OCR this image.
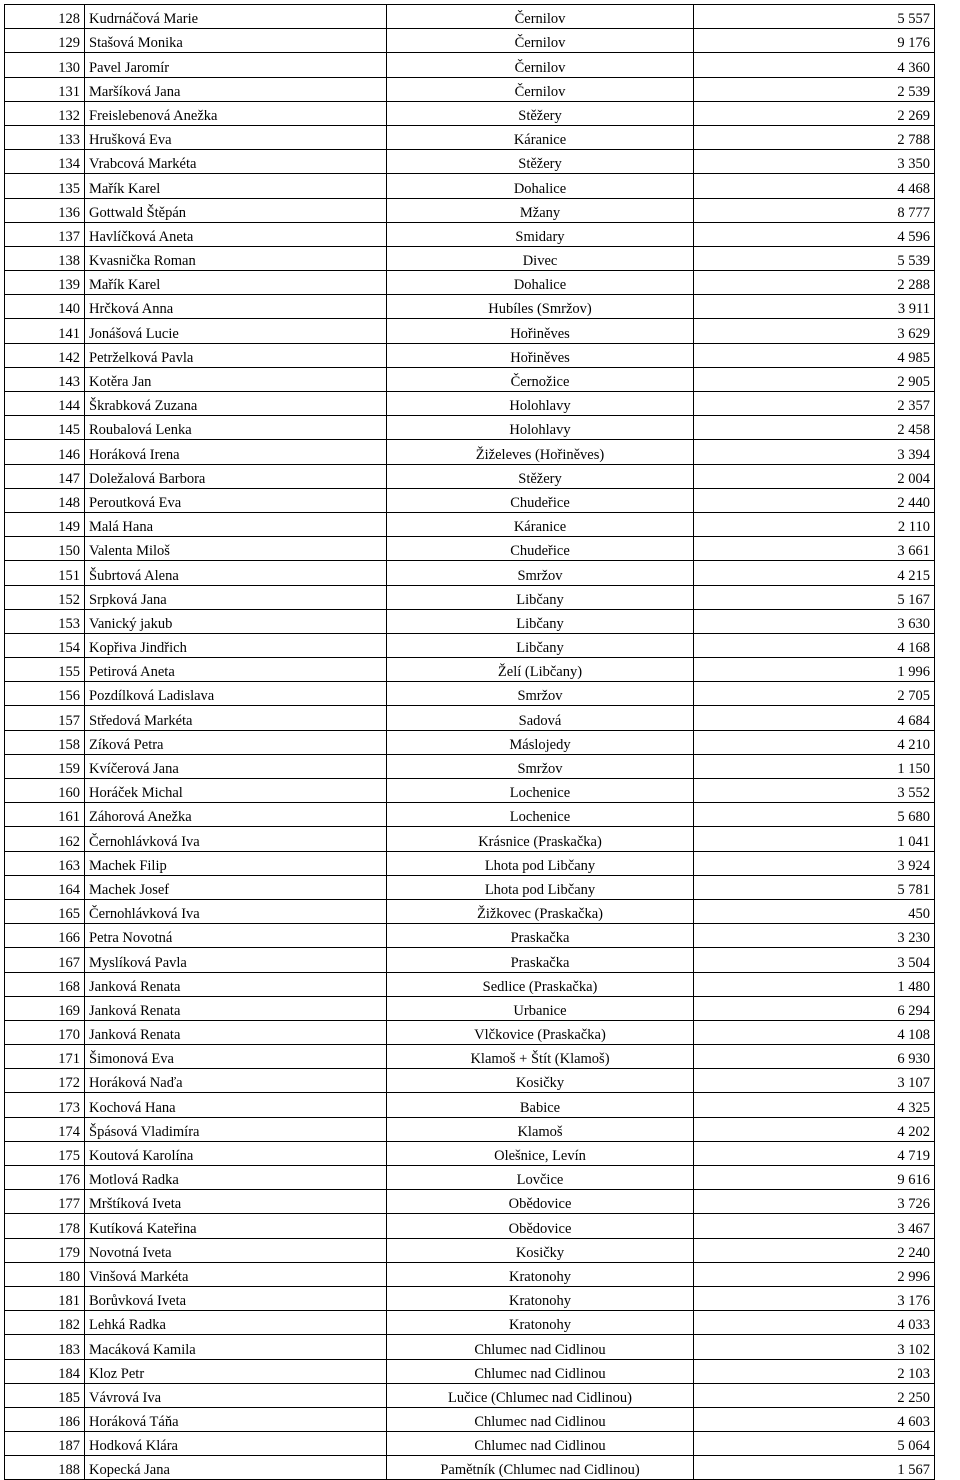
128	Kudrnáčová Marie	Černilov	5 557
129	Stašová Monika	Černilov	9 176
130	Pavel Jaromír	Černilov	4 360
131	Maršíková Jana	Černilov	2 539
132	Freislebenová Anežka	Stěžery	2 269
133	Hrušková Eva	Káranice	2 788
134	Vrabcová Markéta	Stěžery	3 350
135	Mařík Karel	Dohalice	4 468
136	Gottwald Štěpán	Mžany	8 777
137	Havlíčková Aneta	Smidary	4 596
138	Kvasnička Roman	Divec	5 539
139	Mařík Karel	Dohalice	2 288
140	Hrčková Anna	Hubíles (Smržov)	3 911
141	Jonášová Lucie	Hořiněves	3 629
142	Petrželková Pavla	Hořiněves	4 985
143	Kotěra Jan	Černožice	2 905
144	Škrabková Zuzana	Holohlavy	2 357
145	Roubalová Lenka	Holohlavy	2 458
146	Horáková Irena	Žiželeves (Hořiněves)	3 394
147	Doležalová Barbora	Stěžery	2 004
148	Peroutková Eva	Chudeřice	2 440
149	Malá Hana	Káranice	2 110
150	Valenta Miloš	Chudeřice	3 661
151	Šubrtová Alena	Smržov	4 215
152	Srpková Jana	Libčany	5 167
153	Vanický jakub	Libčany	3 630
154	Kopřiva Jindřich	Libčany	4 168
155	Petirová Aneta	Želí (Libčany)	1 996
156	Pozdílková Ladislava	Smržov	2 705
157	Středová Markéta	Sadová	4 684
158	Zíková Petra	Máslojedy	4 210
159	Kvíčerová Jana	Smržov	1 150
160	Horáček Michal	Lochenice	3 552
161	Záhorová Anežka	Lochenice	5 680
162	Černohlávková Iva	Krásnice (Praskačka)	1 041
163	Machek Filip	Lhota pod Libčany	3 924
164	Machek Josef	Lhota pod Libčany	5 781
165	Černohlávková Iva	Žižkovec (Praskačka)	450
166	Petra Novotná	Praskačka	3 230
167	Myslíková Pavla	Praskačka	3 504
168	Janková Renata	Sedlice (Praskačka)	1 480
169	Janková Renata	Urbanice	6 294
170	Janková Renata	Vlčkovice (Praskačka)	4 108
171	Šimonová Eva	Klamoš + Štít (Klamoš)	6 930
172	Horáková Naďa	Kosičky	3 107
173	Kochová Hana	Babice	4 325
174	Špásová Vladimíra	Klamoš	4 202
175	Koutová Karolína	Olešnice, Levín	4 719
176	Motlová Radka	Lovčice	9 616
177	Mrštíková Iveta	Obědovice	3 726
178	Kutíková Kateřina	Obědovice	3 467
179	Novotná Iveta	Kosičky	2 240
180	Vinšová Markéta	Kratonohy	2 996
181	Borůvková Iveta	Kratonohy	3 176
182	Lehká Radka	Kratonohy	4 033
183	Macáková Kamila	Chlumec nad Cidlinou	3 102
184	Kloz Petr	Chlumec nad Cidlinou	2 103
185	Vávrová Iva	Lučice (Chlumec nad Cidlinou)	2 250
186	Horáková Táňa	Chlumec nad Cidlinou	4 603
187	Hodková Klára	Chlumec nad Cidlinou	5 064
188	Kopecká Jana	Pamětník (Chlumec nad Cidlinou)	1 567
